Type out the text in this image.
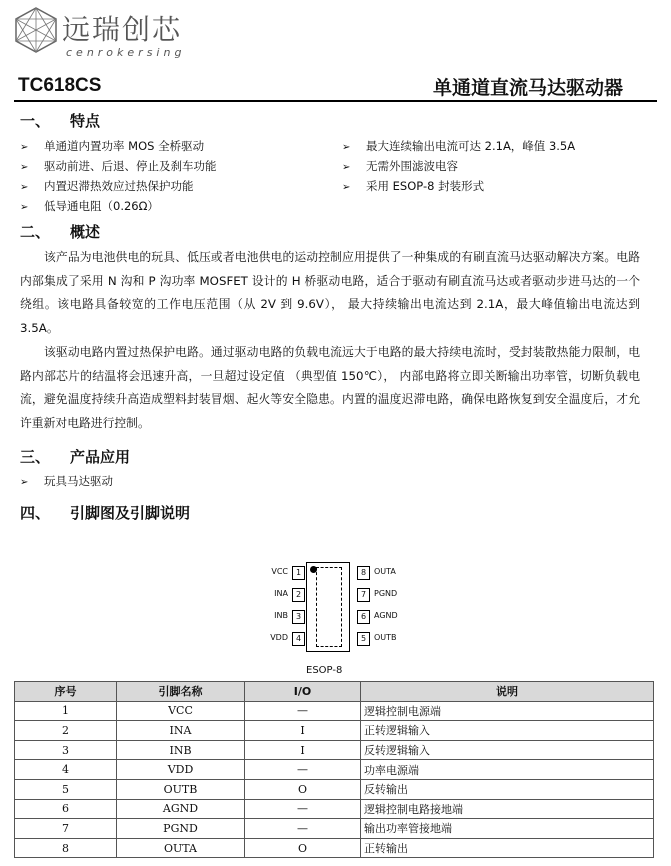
远瑞创芯
cenrokersing
TC618CS	单通道直流马达驱动器
一、 特点
➢ 单通道内置功率 MOS 全桥驱动
➢ 驱动前进、后退、停止及刹车功能
➢ 内置迟滞热效应过热保护功能
➢ 低导通电阻（0.26Ω）
➢ 最大连续输出电流可达 2.1A，峰值 3.5A
➢ 无需外围滤波电容
➢ 采用 ESOP-8 封装形式
二、 概述
该产品为电池供电的玩具、低压或者电池供电的运动控制应用提供了一种集成的有刷直流马达驱动解决方案。电路内部集成了采用 N 沟和 P 沟功率 MOSFET 设计的 H 桥驱动电路，适合于驱动有刷直流马达或者驱动步进马达的一个绕组。该电路具备较宽的工作电压范围（从 2V 到 9.6V）， 最大持续输出电流达到 2.1A，最大峰值输出电流达到 3.5A。
该驱动电路内置过热保护电路。通过驱动电路的负载电流远大于电路的最大持续电流时，受封装散热能力限制，电路内部芯片的结温将会迅速升高，一旦超过设定值 （典型值 150℃）， 内部电路将立即关断输出功率管，切断负载电流，避免温度持续升高造成塑料封装冒烟、起火等安全隐患。内置的温度迟滞电路，确保电路恢复到安全温度后，才允许重新对电路进行控制。
三、 产品应用
➢ 玩具马达驱动
四、 引脚图及引脚说明
VCC 1
INA 2
INB 3
VDD 4
8 OUTA
7 PGND
6 AGND
5 OUTB
ESOP-8
序号	引脚名称	I/O	说明
1	VCC	—	逻辑控制电源端
2	INA	I	正转逻辑输入
3	INB	I	反转逻辑输入
4	VDD	—	功率电源端
5	OUTB	O	反转输出
6	AGND	—	逻辑控制电路接地端
7	PGND	—	输出功率管接地端
8	OUTA	O	正转输出
